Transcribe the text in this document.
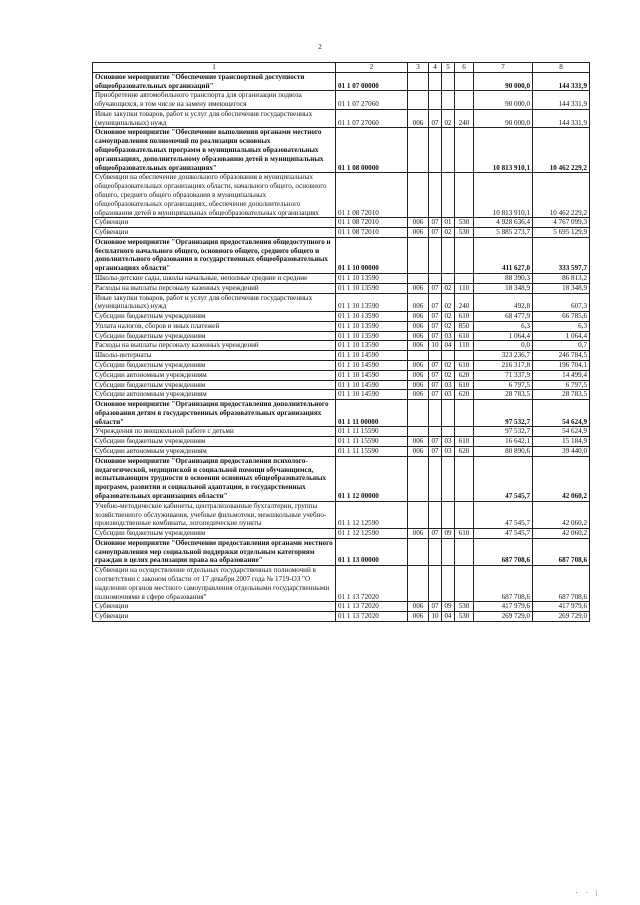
2
1	2	3	4	5	6	7	8
Основное мероприятие "Обеспечение транспортной доступности общеобразовательных организаций"	01 1 07 00000					90 000,0	144 331,9
Приобретение автомобильного транспорта для организации подвоза обучающихся, в том числе на замену имеющегося	01 1 07 27060					90 000,0	144 331,9
Иные закупки товаров, работ и услуг для обеспечения государственных (муниципальных) нужд	01 1 07 27060	006	07	02	240	90 000,0	144 331,9
Основное мероприятие "Обеспечение выполнения органами местного самоуправления полномочий по реализации основных общеобразовательных программ в муниципальных образовательных организациях, дополнительному образованию детей в муниципальных общеобразовательных организациях"	01 1 08 00000					10 813 910,1	10 462 229,2
Субвенции на обеспечение дошкольного образования в муниципальных общеобразовательных организациях области, начального общего, основного общего, среднего общего образования в муниципальных общеобразовательных организациях, обеспечение дополнительного образования детей в муниципальных общеобразовательных организациях	01 1 08 72010					10 813 910,1	10 462 229,2
Субвенции	01 1 08 72010	006	07	01	530	4 928 636,4	4 767 099,3
Субвенции	01 1 08 72010	006	07	02	530	5 885 273,7	5 695 129,9
Основное мероприятие "Организация предоставления общедоступного и бесплатного начального общего, основного общего, среднего общего и дополнительного образования в государственных общеобразовательных организациях области"	01 1 10 00000					411 627,0	333 597,7
Школы-детские сады, школы начальные, неполные средние и средние	01 1 10 13590					88 390,3	86 813,2
Расходы на выплаты персоналу казенных учреждений	01 1 10 13590	006	07	02	110	18 348,9	18 348,9
Иные закупки товаров, работ и услуг для обеспечения государственных (муниципальных) нужд	01 1 10 13590	006	07	02	240	492,8	607,3
Субсидии бюджетным учреждениям	01 1 10 13590	006	07	02	610	68 477,9	66 785,6
Уплата налогов, сборов и иных платежей	01 1 10 13590	006	07	02	850	6,3	6,3
Субсидии бюджетным учреждениям	01 1 10 13590	006	07	03	610	1 064,4	1 064,4
Расходы на выплаты персоналу казенных учреждений	01 1 10 13590	006	10	04	110	0,0	0,7
Школы-интернаты	01 1 10 14590					323 236,7	246 784,5
Субсидии бюджетным учреждениям	01 1 10 14590	006	07	02	610	216 317,8	196 704,1
Субсидии автономным учреждениям	01 1 10 14590	006	07	02	620	71 337,9	14 499,4
Субсидии бюджетным учреждениям	01 1 10 14590	006	07	03	610	6 797,5	6 797,5
Субсидии автономным учреждениям	01 1 10 14590	006	07	03	620	28 783,5	28 783,5
Основное мероприятие "Организация предоставления дополнительного образования детям в государственных образовательных организациях области"	01 1 11 00000					97 532,7	54 624,9
Учреждения по внешкольной работе с детьми	01 1 11 15590					97 532,7	54 624,9
Субсидии бюджетным учреждениям	01 1 11 15590	006	07	03	610	16 642,1	15 184,9
Субсидии автономным учреждениям	01 1 11 15590	006	07	03	620	80 890,6	39 440,0
Основное мероприятие "Организация предоставления психолого-педагогической, медицинской и социальной помощи обучающимся, испытывающим трудности в освоении основных общеобразовательных программ, развитии и социальной адаптации, в государственных образовательных организациях области"	01 1 12 00000					47 545,7	42 060,2
Учебно-методические кабинеты, централизованные бухгалтерии, группы хозяйственного обслуживания, учебные фильмотеки, межшкольные учебно-производственные комбинаты, логопедические пункты	01 1 12 12590					47 545,7	42 060,2
Субсидии бюджетным учреждениям	01 1 12 12590	006	07	09	610	47 545,7	42 060,2
Основное мероприятие "Обеспечение предоставления органами местного самоуправления мер социальной поддержки отдельным категориям граждан в целях реализации права на образование"	01 1 13 00000					687 708,6	687 708,6
Субвенции на осуществление отдельных государственных полномочий в соответствии с законом области от 17 декабря 2007 года № 1719-ОЗ "О наделении органов местного самоуправления отдельными государственными полномочиями в сфере образования"	01 1 13 72020					687 708,6	687 708,6
Субвенции	01 1 13 72020	006	07	09	530	417 979,6	417 979,6
Субвенции	01 1 13 72020	006	10	04	530	269 729,0	269 729,0
· · |
